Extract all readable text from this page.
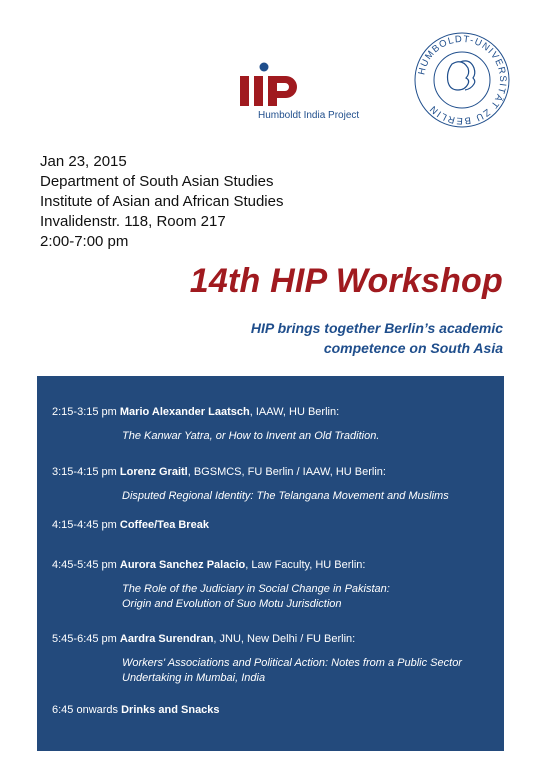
Humboldt India Project
HUMBOLDT-UNIVERSITÄT ZU BERLIN
Jan 23, 2015
Department of South Asian Studies
Institute of Asian and African Studies
Invalidenstr. 118, Room 217
2:00-7:00 pm
14th HIP Workshop
HIP brings together Berlin’s academic
competence on South Asia
2:15-3:15 pm Mario Alexander Laatsch, IAAW, HU Berlin:
The Kanwar Yatra, or How to Invent an Old Tradition.
3:15-4:15 pm Lorenz Graitl, BGSMCS, FU Berlin / IAAW, HU Berlin:
Disputed Regional Identity: The Telangana Movement and Muslims
4:15-4:45 pm Coffee/Tea Break
4:45-5:45 pm Aurora Sanchez Palacio, Law Faculty, HU Berlin:
The Role of the Judiciary in Social Change in Pakistan:
Origin and Evolution of Suo Motu Jurisdiction
5:45-6:45 pm Aardra Surendran, JNU, New Delhi / FU Berlin:
Workers' Associations and Political Action: Notes from a Public Sector
Undertaking in Mumbai, India
6:45 onwards Drinks and Snacks
